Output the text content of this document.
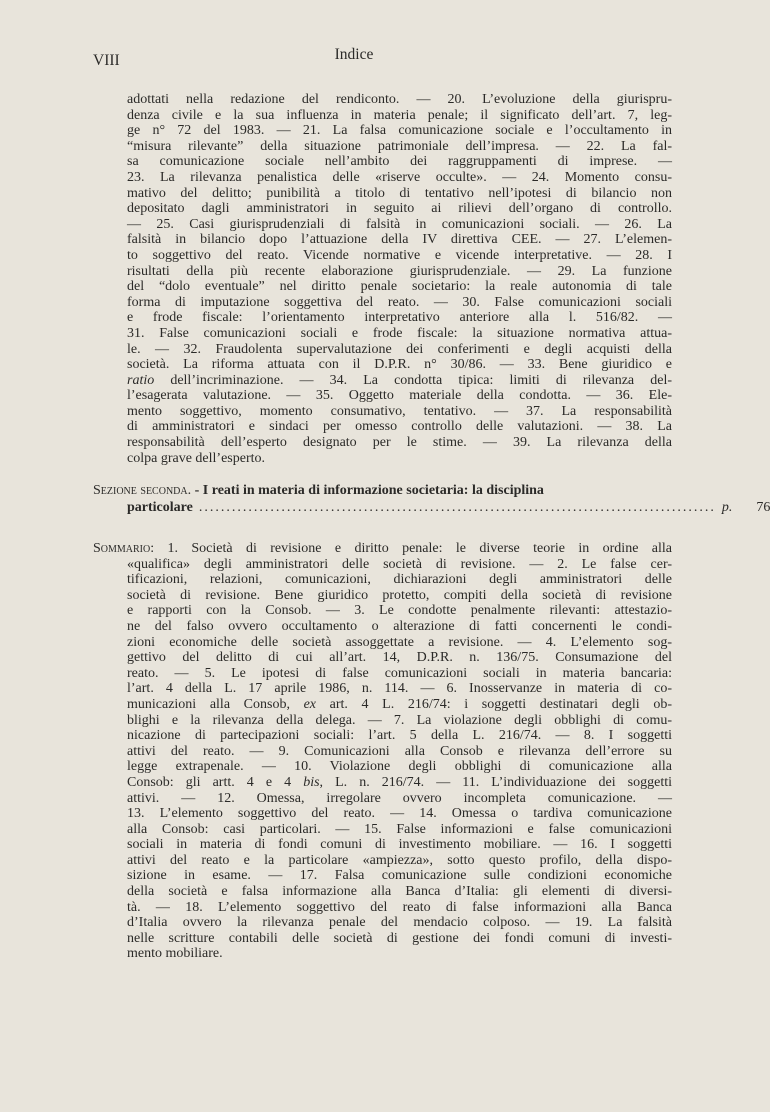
VIII	Indice
adottati nella redazione del rendiconto. — 20. L’evoluzione della giurispru-
denza civile e la sua influenza in materia penale; il significato dell’art. 7, leg-
ge n° 72 del 1983. — 21. La falsa comunicazione sociale e l’occultamento in
“misura rilevante” della situazione patrimoniale dell’impresa. — 22. La fal-
sa comunicazione sociale nell’ambito dei raggruppamenti di imprese. —
23. La rilevanza penalistica delle «riserve occulte». — 24. Momento consu-
mativo del delitto; punibilità a titolo di tentativo nell’ipotesi di bilancio non
depositato dagli amministratori in seguito ai rilievi dell’organo di controllo.
— 25. Casi giurisprudenziali di falsità in comunicazioni sociali. — 26. La
falsità in bilancio dopo l’attuazione della IV direttiva CEE. — 27. L’elemen-
to soggettivo del reato. Vicende normative e vicende interpretative. — 28. I
risultati della più recente elaborazione giurisprudenziale. — 29. La funzione
del “dolo eventuale” nel diritto penale societario: la reale autonomia di tale
forma di imputazione soggettiva del reato. — 30. False comunicazioni sociali
e frode fiscale: l’orientamento interpretativo anteriore alla l. 516/82. —
31. False comunicazioni sociali e frode fiscale: la situazione normativa attua-
le. — 32. Fraudolenta supervalutazione dei conferimenti e degli acquisti della
società. La riforma attuata con il D.P.R. n° 30/86. — 33. Bene giuridico e
ratio dell’incriminazione. — 34. La condotta tipica: limiti di rilevanza del-
l’esagerata valutazione. — 35. Oggetto materiale della condotta. — 36. Ele-
mento soggettivo, momento consumativo, tentativo. — 37. La responsabilità
di amministratori e sindaci per omesso controllo delle valutazioni. — 38. La
responsabilità dell’esperto designato per le stime. — 39. La rilevanza della
colpa grave dell’esperto.
Sezione seconda. - I reati in materia di informazione societaria: la disciplina
particolare .............................................................................................. p. 76
Sommario: 1. Società di revisione e diritto penale: le diverse teorie in ordine alla
«qualifica» degli amministratori delle società di revisione. — 2. Le false cer-
tificazioni, relazioni, comunicazioni, dichiarazioni degli amministratori delle
società di revisione. Bene giuridico protetto, compiti della società di revisione
e rapporti con la Consob. — 3. Le condotte penalmente rilevanti: attestazio-
ne del falso ovvero occultamento o alterazione di fatti concernenti le condi-
zioni economiche delle società assoggettate a revisione. — 4. L’elemento sog-
gettivo del delitto di cui all’art. 14, D.P.R. n. 136/75. Consumazione del
reato. — 5. Le ipotesi di false comunicazioni sociali in materia bancaria:
l’art. 4 della L. 17 aprile 1986, n. 114. — 6. Inosservanze in materia di co-
municazioni alla Consob, ex art. 4 L. 216/74: i soggetti destinatari degli ob-
blighi e la rilevanza della delega. — 7. La violazione degli obblighi di comu-
nicazione di partecipazioni sociali: l’art. 5 della L. 216/74. — 8. I soggetti
attivi del reato. — 9. Comunicazioni alla Consob e rilevanza dell’errore su
legge extrapenale. — 10. Violazione degli obblighi di comunicazione alla
Consob: gli artt. 4 e 4 bis, L. n. 216/74. — 11. L’individuazione dei soggetti
attivi. — 12. Omessa, irregolare ovvero incompleta comunicazione. —
13. L’elemento soggettivo del reato. — 14. Omessa o tardiva comunicazione
alla Consob: casi particolari. — 15. False informazioni e false comunicazioni
sociali in materia di fondi comuni di investimento mobiliare. — 16. I soggetti
attivi del reato e la particolare «ampiezza», sotto questo profilo, della dispo-
sizione in esame. — 17. Falsa comunicazione sulle condizioni economiche
della società e falsa informazione alla Banca d’Italia: gli elementi di diversi-
tà. — 18. L’elemento soggettivo del reato di false informazioni alla Banca
d’Italia ovvero la rilevanza penale del mendacio colposo. — 19. La falsità
nelle scritture contabili delle società di gestione dei fondi comuni di investi-
mento mobiliare.
